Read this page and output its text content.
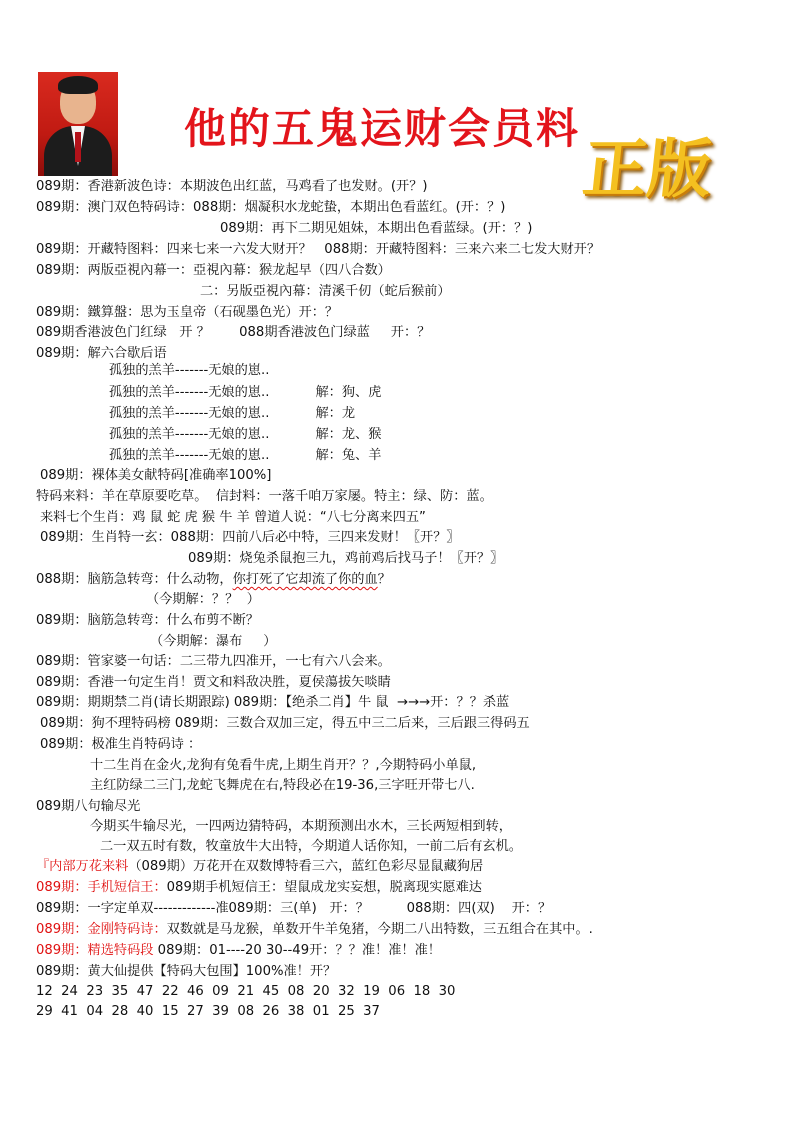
他的五鬼运财会员料
正版
089期：香港新波色诗：本期波色出红蓝，马鸡看了也发财。(开？)
089期：澳门双色特码诗：088期：烟凝积水龙蛇蛰，本期出色看蓝红。(开：？)
089期：再下二期见姐妹，本期出色看蓝绿。(开：？)
089期：开藏特图料：四来七来一六发大财开？   088期：开藏特图料：三来六来二七发大财开？
089期：两版亞視內幕一：亞視內幕：猴龙起早（四八合数）
二：另版亞視內幕：清溪千仞（蛇后猴前）
089期：鐵算盤：思为玉皇帝（石砚墨色光）开：？
089期香港波色门红绿   开 ？       088期香港波色门绿蓝     开：？
089期：解六合歇后语
孤独的羔羊-------无娘的崽..
孤独的羔羊-------无娘的崽..           解：狗、虎
孤独的羔羊-------无娘的崽..           解：龙
孤独的羔羊-------无娘的崽..           解：龙、猴
孤独的羔羊-------无娘的崽..           解：兔、羊
089期：裸体美女献特码[准确率100%]
特码来料：羊在草原要吃草。  信封料：一落千咱万家屡。特主：绿、防：蓝。
来料七个生肖：鸡 鼠 蛇 虎 猴 牛 羊 曾道人说：“八七分离来四五”
089期：生肖特一玄：088期：四前八后必中特，三四来发财！〖开？〗
089期：烧兔杀鼠抱三九，鸡前鸡后找马子！〖开？〗
088期：脑筋急转弯：什么动物，你打死了它却流了你的血？
（今期解：？？  ）
089期：脑筋急转弯：什么布剪不断？
（今期解：瀑布     ）
089期：管家婆一句话：二三带九四准开，一七有六八会来。
089期：香港一句定生肖！贾文和料敌决胜，夏侯蕩拔矢啖睛
089期：期期禁二肖(请长期跟踪) 089期：【绝杀二肖】牛 鼠  →→→开：？？杀蓝
089期：狗不理特码榜 089期：三数合双加三定，得五中三二后来，三后跟三得码五
089期：极准生肖特码诗 ：
十二生肖在金火,龙狗有兔看牛虎,上期生肖开？？,今期特码小单鼠,
主红防绿二三门,龙蛇飞舞虎在右,特段必在19-36,三字旺开带七八.
089期八句输尽光
今期买牛输尽光，一四两边猜特码，本期预测出水木，三长两短相到转，
二一双五时有数，牧童放牛大出特，今期道人话你知，一前二后有玄机。
『内部万花来料（089期）万花开在双数博特看三六，蓝红色彩尽显鼠藏狗居
089期：手机短信王：089期手机短信王：望鼠成龙实妄想，脱离现实愿难达
089期：一字定单双-------------准089期：三(单)   开：？         088期：四(双)    开：？
089期：金刚特码诗：双数就是马龙猴，单数开牛羊兔猪，今期二八出特数，三五组合在其中。.
089期：精选特码段 089期：01----20 30--49开：？？准！准！准！
089期：黄大仙提供【特码大包围】100%准！开？
12  24  23  35  47  22  46  09  21  45  08  20  32  19  06  18  30
29  41  04  28  40  15  27  39  08  26  38  01  25  37
